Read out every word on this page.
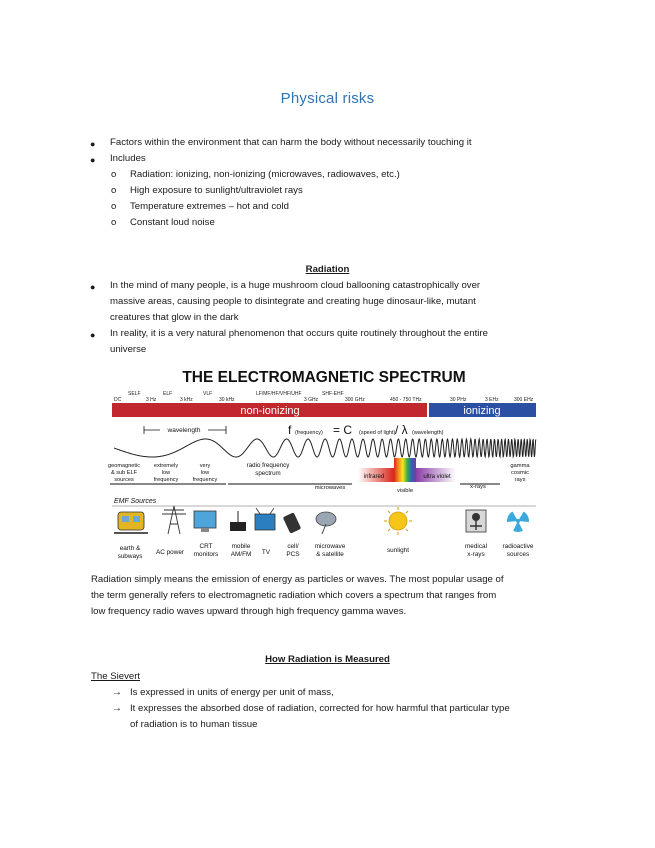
Physical risks
● Factors within the environment that can harm the body without necessarily touching it
● Includes
o Radiation: ionizing, non-ionizing (microwaves, radiowaves, etc.)
o High exposure to sunlight/ultraviolet rays
o Temperature extremes – hot and cold
o Constant loud noise
Radiation
● In the mind of many people, is a huge mushroom cloud ballooning catastrophically over
massive areas, causing people to disintegrate and creating huge dinosaur-like, mutant
creatures that glow in the dark
● In reality, it is a very natural phenomenon that occurs quite routinely throughout the entire
universe
THE ELECTROMAGNETIC SPECTRUM
DC
SELF
3 Hz
ELF
3 kHz
VLF
30 kHz
LF/MF/HF/VHF/UHF
3 GHz
SHF-EHF
300 GHz	450 - 750 THz	30 PHz	3 EHz	300 EHz
non-ionizing	ionizing
wavelength	f (frequency) = C (speed of light) / λ (wavelength)
geomagnetic
& sub ELF
sources
extremely
low
frequency
very
low
frequency
radio frequency
spectrum
microwaves
infrared
visible
ultra violet
x-rays
gamma
cosmic
rays
EMF Sources
earth &
subways
AC power
CRT
monitors
mobile
AM/FM TV
cell/
PCS
microwave
& satellite
sunlight
medical
x-rays
radioactive
sources
Radiation simply means the emission of energy as particles or waves. The most popular usage of
the term generally refers to electromagnetic radiation which covers a spectrum that ranges from
low frequency radio waves upward through high frequency gamma waves.
How Radiation is Measured
The Sievert
→ Is expressed in units of energy per unit of mass,
→ It expresses the absorbed dose of radiation, corrected for how harmful that particular type
of radiation is to human tissue
